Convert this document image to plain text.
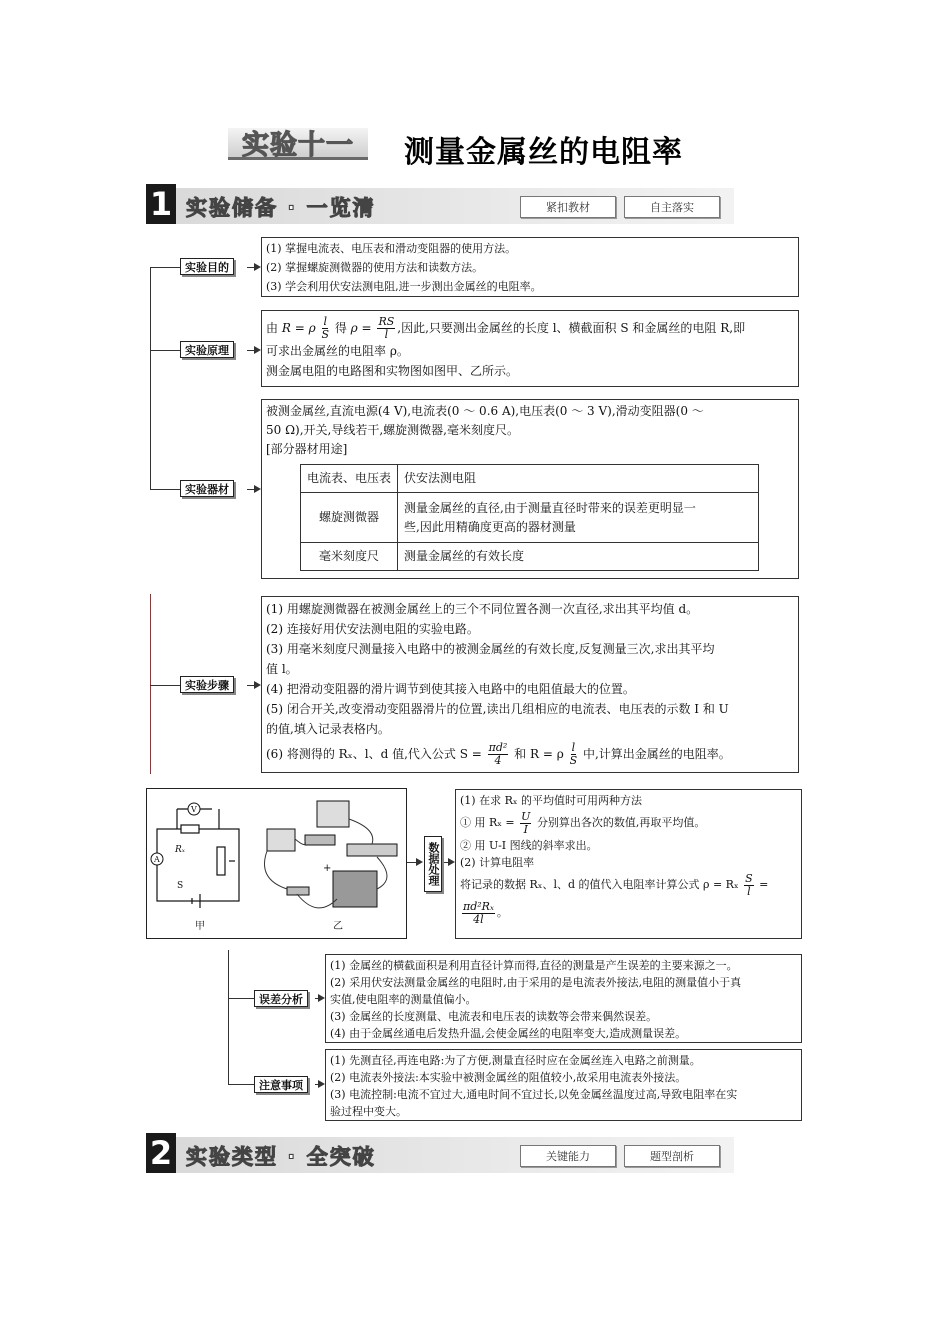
实验十一	测量金属丝的电阻率
1 实验储备 · 一览清	紧扣教材	自主落实
实验目的

(1) 掌握电流表、电压表和滑动变阻器的使用方法。

(2) 掌握螺旋测微器的使用方法和读数方法。

(3) 学会利用伏安法测电阻,进一步测出金属丝的电阻率。

实验原理

由 R = ρ $\frac{l}{S}$ 得 $\rho = \frac{RS}{l}$ ,因此,只要测出金属丝的长度 l、横截面积 S 和金属丝的电阻 R,即

可求出金属丝的电阻率 ρ。

测金属电阻的电路图和实物图如图甲、乙所示。

实验器材

被测金属丝,直流电源(4 V),电流表(0 ～ 0.6 A),电压表(0 ～ 3 V),滑动变阻器(0 ～

50 Ω),开关,导线若干,螺旋测微器,毫米刻度尺。

[部分器材用途]

电流表、电压表	伏安法测电阻
螺旋测微器	测量金属丝的直径,由于测量直径时带来的误差更明显一
些,因此用精确度更高的器材测量

毫米刻度尺	测量金属丝的有效长度
实验步骤

(1) 用螺旋测微器在被测金属丝上的三个不同位置各测一次直径,求出其平均值 d。

(2) 连接好用伏安法测电阻的实验电路。

(3) 用毫米刻度尺测量接入电路中的被测金属丝的有效长度,反复测量三次,求出其平均

值 l。

(4) 把滑动变阻器的滑片调节到使其接入电路中的电阻值最大的位置。

(5) 闭合开关,改变滑动变阻器滑片的位置,读出几组相应的电流表、电压表的示数 I 和 U

的值,填入记录表格内。

(6) 将测得的 Rₓ、l、d 值,代入公式 $S = \frac{\text{πd²}}{4}$ 和 R = ρ $\frac{l}{S}$ 中,计算出金属丝的电阻率。

Rₓ
V
A
S
+
甲	乙
数据处理

(1) 在求 Rₓ 的平均值时可用两种方法

① 用 $R_x = \frac{U}{I}$ 分别算出各次的数值,再取平均值。

② 用 U-I 图线的斜率求出。

(2) 计算电阻率

将记录的数据 Rₓ、l、d 的值代入电阻率计算公式 ρ = Rₓ $\frac{S}{l}$ =

$\frac{\text{πd²Rₓ}}{4l}$ 。

误差分析

(1) 金属丝的横截面积是利用直径计算而得,直径的测量是产生误差的主要来源之一。

(2) 采用伏安法测量金属丝的电阻时,由于采用的是电流表外接法,电阻的测量值小于真

实值,使电阻率的测量值偏小。

(3) 金属丝的长度测量、电流表和电压表的读数等会带来偶然误差。

(4) 由于金属丝通电后发热升温,会使金属丝的电阻率变大,造成测量误差。

注意事项

(1) 先测直径,再连电路:为了方便,测量直径时应在金属丝连入电路之前测量。

(2) 电流表外接法:本实验中被测金属丝的阻值较小,故采用电流表外接法。

(3) 电流控制:电流不宜过大,通电时间不宜过长,以免金属丝温度过高,导致电阻率在实

验过程中变大。

2 实验类型 · 全突破	关键能力	题型剖析
